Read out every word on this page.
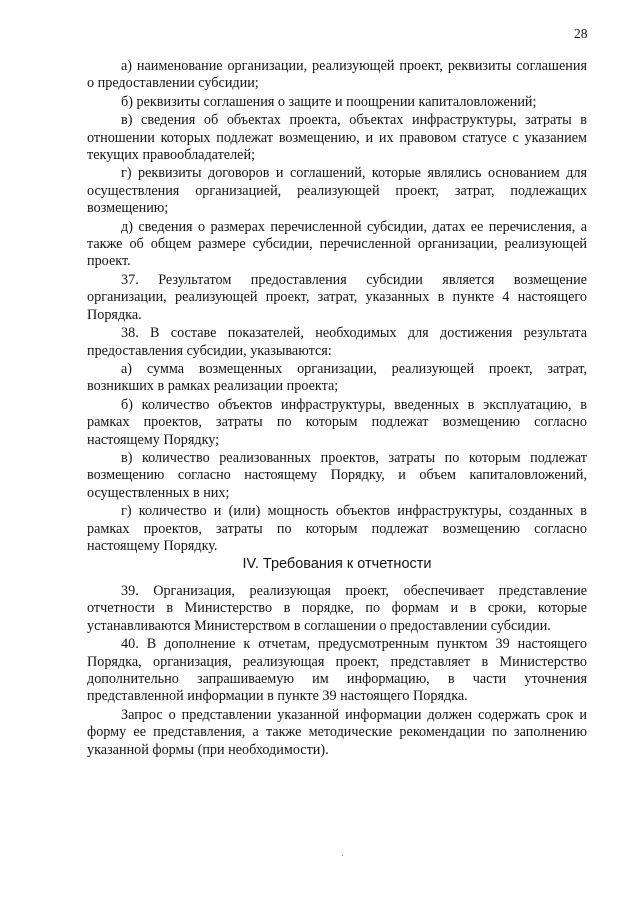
28

а) наименование организации, реализующей проект, реквизиты соглашения о предоставлении субсидии;

б) реквизиты соглашения о защите и поощрении капиталовложений;

в) сведения об объектах проекта, объектах инфраструктуры, затраты в отношении которых подлежат возмещению, и их правовом статусе с указанием текущих правообладателей;

г) реквизиты договоров и соглашений, которые являлись основанием для осуществления организацией, реализующей проект, затрат, подлежащих возмещению;

д) сведения о размерах перечисленной субсидии, датах ее перечисления, а также об общем размере субсидии, перечисленной организации, реализующей проект.

37. Результатом предоставления субсидии является возмещение организации, реализующей проект, затрат, указанных в пункте 4 настоящего Порядка.

38. В составе показателей, необходимых для достижения результата предоставления субсидии, указываются:

а) сумма возмещенных организации, реализующей проект, затрат, возникших в рамках реализации проекта;

б) количество объектов инфраструктуры, введенных в эксплуатацию, в рамках проектов, затраты по которым подлежат возмещению согласно настоящему Порядку;

в) количество реализованных проектов, затраты по которым подлежат возмещению согласно настоящему Порядку, и объем капиталовложений, осуществленных в них;

г) количество и (или) мощность объектов инфраструктуры, созданных в рамках проектов, затраты по которым подлежат возмещению согласно настоящему Порядку.

IV. Требования к отчетности

39. Организация, реализующая проект, обеспечивает представление отчетности в Министерство в порядке, по формам и в сроки, которые устанавливаются Министерством в соглашении о предоставлении субсидии.

40. В дополнение к отчетам, предусмотренным пунктом 39 настоящего Порядка, организация, реализующая проект, представляет в Министерство дополнительно запрашиваемую им информацию, в части уточнения представленной информации в пункте 39 настоящего Порядка.

Запрос о представлении указанной информации должен содержать срок и форму ее представления, а также методические рекомендации по заполнению указанной формы (при необходимости).
